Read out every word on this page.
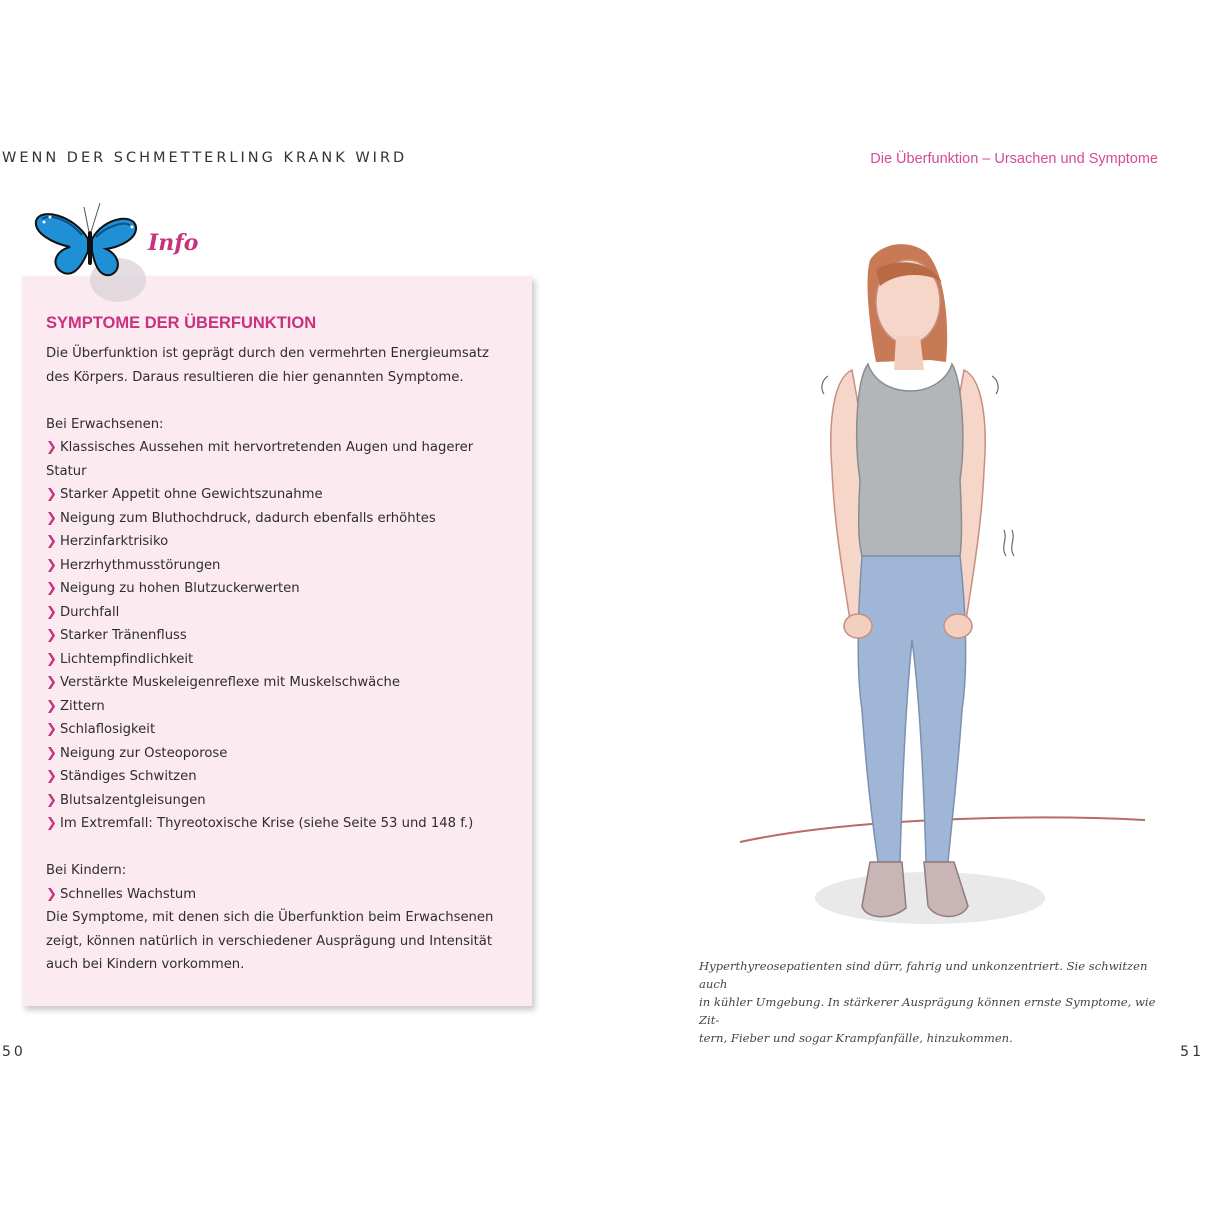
WENN DER SCHMETTERLING KRANK WIRD	Die Überfunktion – Ursachen und Symptome
SYMPTOME DER ÜBERFUNKTION

Die Überfunktion ist geprägt durch den vermehrten Energieumsatz

des Körpers. Daraus resultieren die hier genannten Symptome.

Bei Erwachsenen:

❯ Klassisches Aussehen mit hervortretenden Augen und hagerer
Statur
❯ Starker Appetit ohne Gewichtszunahme
❯ Neigung zum Bluthochdruck, dadurch ebenfalls erhöhtes
❯ Herzinfarktrisiko
❯ Herzrhythmusstörungen
❯ Neigung zu hohen Blutzuckerwerten
❯ Durchfall
❯ Starker Tränenfluss
❯ Lichtempfindlichkeit
❯ Verstärkte Muskeleigenreflexe mit Muskelschwäche
❯ Zittern
❯ Schlaflosigkeit
❯ Neigung zur Osteoporose
❯ Ständiges Schwitzen
❯ Blutsalzentgleisungen
❯ Im Extremfall: Thyreotoxische Krise (siehe Seite 53 und 148 f.)

Bei Kindern:

❯ Schnelles Wachstum

Die Symptome, mit denen sich die Überfunktion beim Erwachsenen

zeigt, können natürlich in verschiedener Ausprägung und Intensität

auch bei Kindern vorkommen.

Info

Hyperthyreosepatienten sind dürr, fahrig und unkonzentriert. Sie schwitzen auch

in kühler Umgebung. In stärkerer Ausprägung können ernste Symptome, wie Zit-

tern, Fieber und sogar Krampfanfälle, hinzukommen.

50	51
